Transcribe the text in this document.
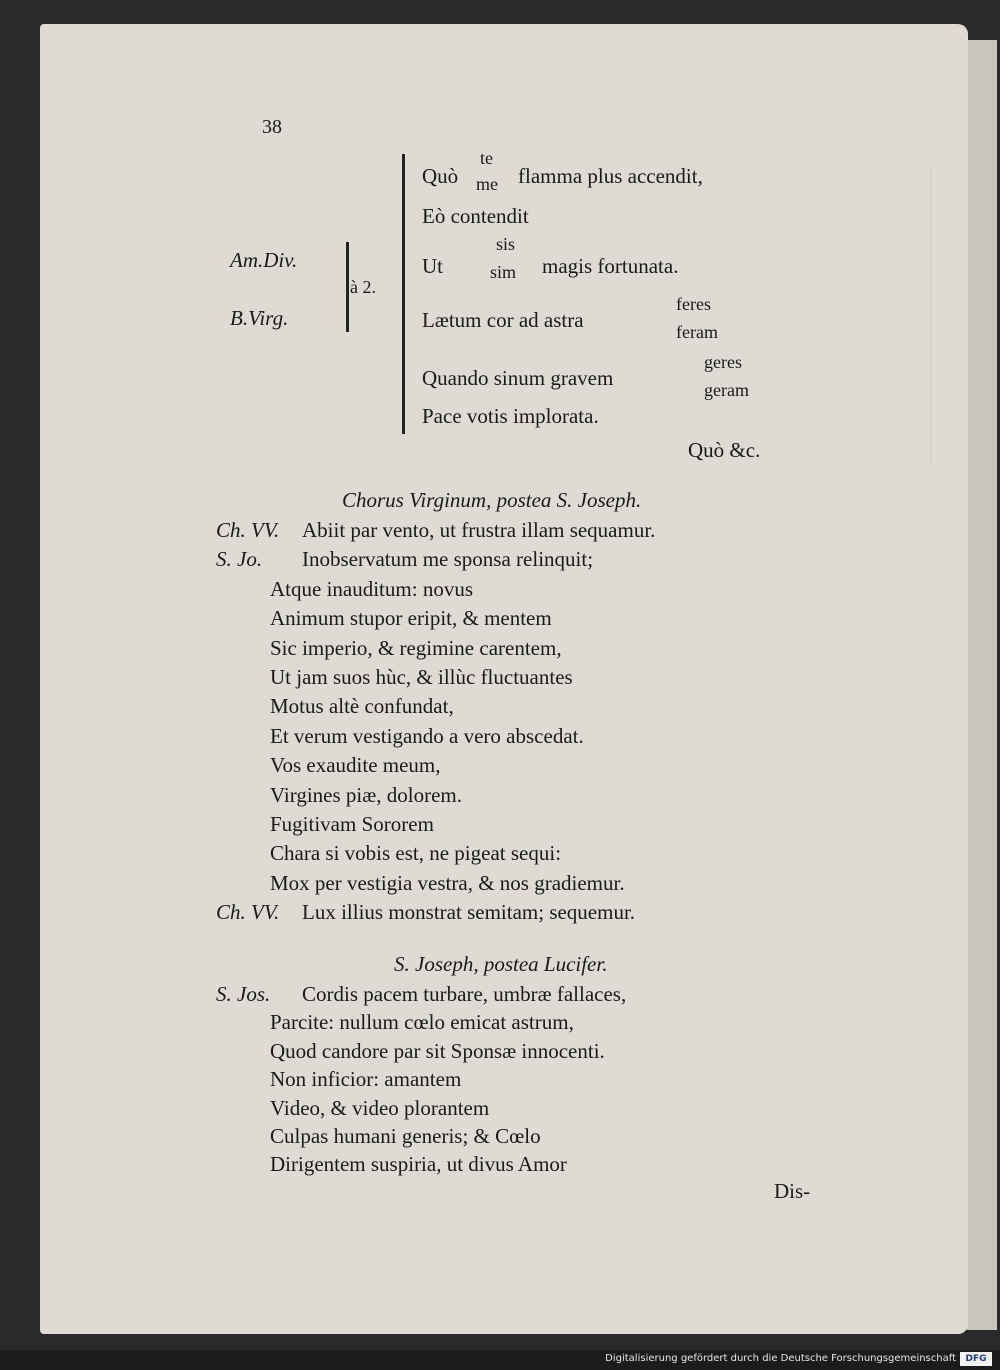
38
Am.Div.
B.Virg.
à 2.
Quò
te
me flamma plus accendit,
Eò contendit
Ut
sis
sim magis fortunata.
Lætum cor ad astra
feres
feram
Quando sinum gravem
geres
geram
Pace votis implorata.
Quò &c.
Chorus Virginum, postea S. Joseph.
Ch. VV. Abiit par vento, ut frustra illam sequamur.
S. Jo. Inobservatum me sponsa relinquit;
Atque inauditum: novus
Animum stupor eripit, & mentem
Sic imperio, & regimine carentem,
Ut jam suos hùc, & illùc fluctuantes
Motus altè confundat,
Et verum vestigando a vero abscedat.
Vos exaudite meum,
Virgines piæ, dolorem.
Fugitivam Sororem
Chara si vobis est, ne pigeat sequi:
Mox per vestigia vestra, & nos gradiemur.
Ch. VV. Lux illius monstrat semitam; sequemur.
S. Joseph, postea Lucifer.
S. Jos. Cordis pacem turbare, umbræ fallaces,
Parcite: nullum cœlo emicat astrum,
Quod candore par sit Sponsæ innocenti.
Non inficior: amantem
Video, & video plorantem
Culpas humani generis; & Cœlo
Dirigentem suspiria, ut divus Amor
Dis-
Digitalisierung gefördert durch die Deutsche Forschungsgemeinschaft	DFG
